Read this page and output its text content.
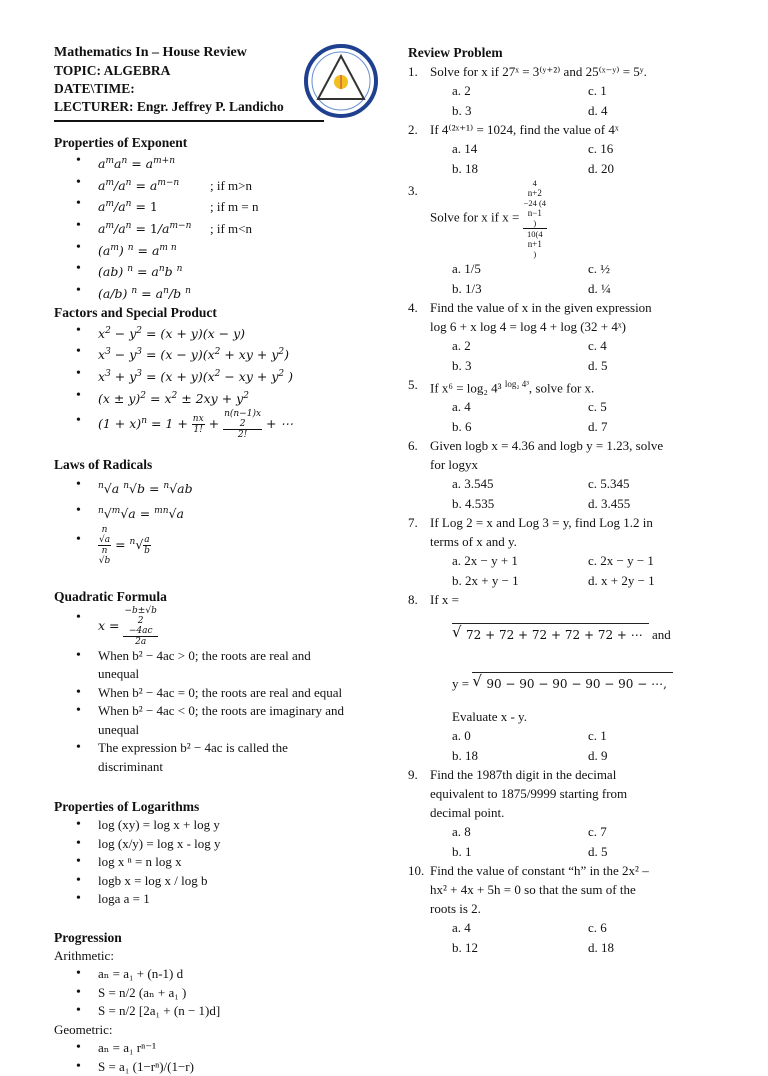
Mathematics In – House Review
TOPIC: ALGEBRA
DATE\TIME:
LECTURER: Engr. Jeffrey P. Landicho
Properties of Exponent
• $a^ma^n = a^{m+n}$
• $a^m/a^n = a^{m-n}$ ; if m>n
• $a^m/a^n = 1$	; if m = n
• $a^m/a^n = 1/a^{m-n}$ ; if m<n
• $(a^m) ^n = a^{m n}$
• (ab) $^n = a^nb$ $^n$
• (a/b) $^n = a^n/b$ $^n$
Factors and Special Product
• $x^2 - y^2 = (x + y)(x - y)$
• $x^3 - y^3 = (x - y)(x^2$ + xy + $y^2$)
• $x^3 + y^3 = (x + y)(x^2$ − xy + $y^2$ )
• $(x \pm y)^2 = x^2 \pm 2xy + y^2$
• $(1 + x)^n = 1 + \frac{nx}{1!} + n(n-1)x$
2
2! + ⋯
Laws of Radicals
• $^n$√a $^n$√b = $^n$√ab
• $^n$√$^m$√a = $^{mn}$√a
• n
√a
n
$√b = ^n√ \frac{a}{b}$
Quadratic Formula
• x = −b±√b
2
−4ac
2a
• When b² − 4ac > 0; the roots are real and unequal
• When b² − 4ac = 0; the roots are real and equal
• When b² − 4ac < 0; the roots are imaginary and unequal
• The expression b² − 4ac is called the discriminant
Properties of Logarithms
• log (xy) = log x + log y
• log (x/y) = log x - log y
• log x ⁿ = n log x
• logb x = log x / log b
• loga a = 1
Progression
Arithmetic:
• aₙ = a₁ + (n-1) d
• S = n/2 (aₙ + a₁ )
• S = n/2 [2a₁ + (n − 1)d]
Geometric:
• aₙ = a₁ rⁿ⁻¹
• S = a₁ (1−rⁿ)/(1−r)
Review Problem
1. Solve for x if 27ˣ = 3⁽ʸ⁺²⁾ and 25⁽ˣ⁻ʸ⁾ = 5ʸ.
a. 2	c. 1
b. 3	d. 4
2. If 4⁽²ˣ⁺¹⁾ = 1024, find the value of 4ˣ
a. 14	c. 16
b. 18	d. 20
3.
Solve for x if x = 4
n+2
−24 (4
n−1
)
10(4
n+1
)
a. 1/5	c. ½
b. 1/3	d. ¼
4. Find the value of x in the given expression
log 6 + x log 4 = log 4 + log (32 + 4ˣ)
a. 2	c. 4
b. 3	d. 5
5. If x⁶ = log₂ 4³ $^{log_2 4^3}$, solve for x.
a. 4	c. 5
b. 6	d. 7
6. Given logb x = 4.36 and logb y = 1.23, solve
for logyx
a. 3.545	c. 5.345
b. 4.535	d. 3.455
7. If Log 2 = x and Log 3 = y, find Log 1.2 in
terms of x and y.
a. 2x − y + 1	c. 2x − y − 1
b. 2x + y − 1	d. x + 2y − 1
8. If x =
√ 72 + 72 + 72 + 72 + 72 + ⋯ and
y = √ 90 − 90 − 90 − 90 − 90 − ⋯,
Evaluate x - y.
a. 0	c. 1
b. 18	d. 9
9. Find the 1987th digit in the decimal
equivalent to 1875/9999 starting from
decimal point.
a. 8	c. 7
b. 1	d. 5
10. Find the value of constant “h” in the 2x² –
hx² + 4x + 5h = 0 so that the sum of the
roots is 2.
a. 4	c. 6
b. 12	d. 18
